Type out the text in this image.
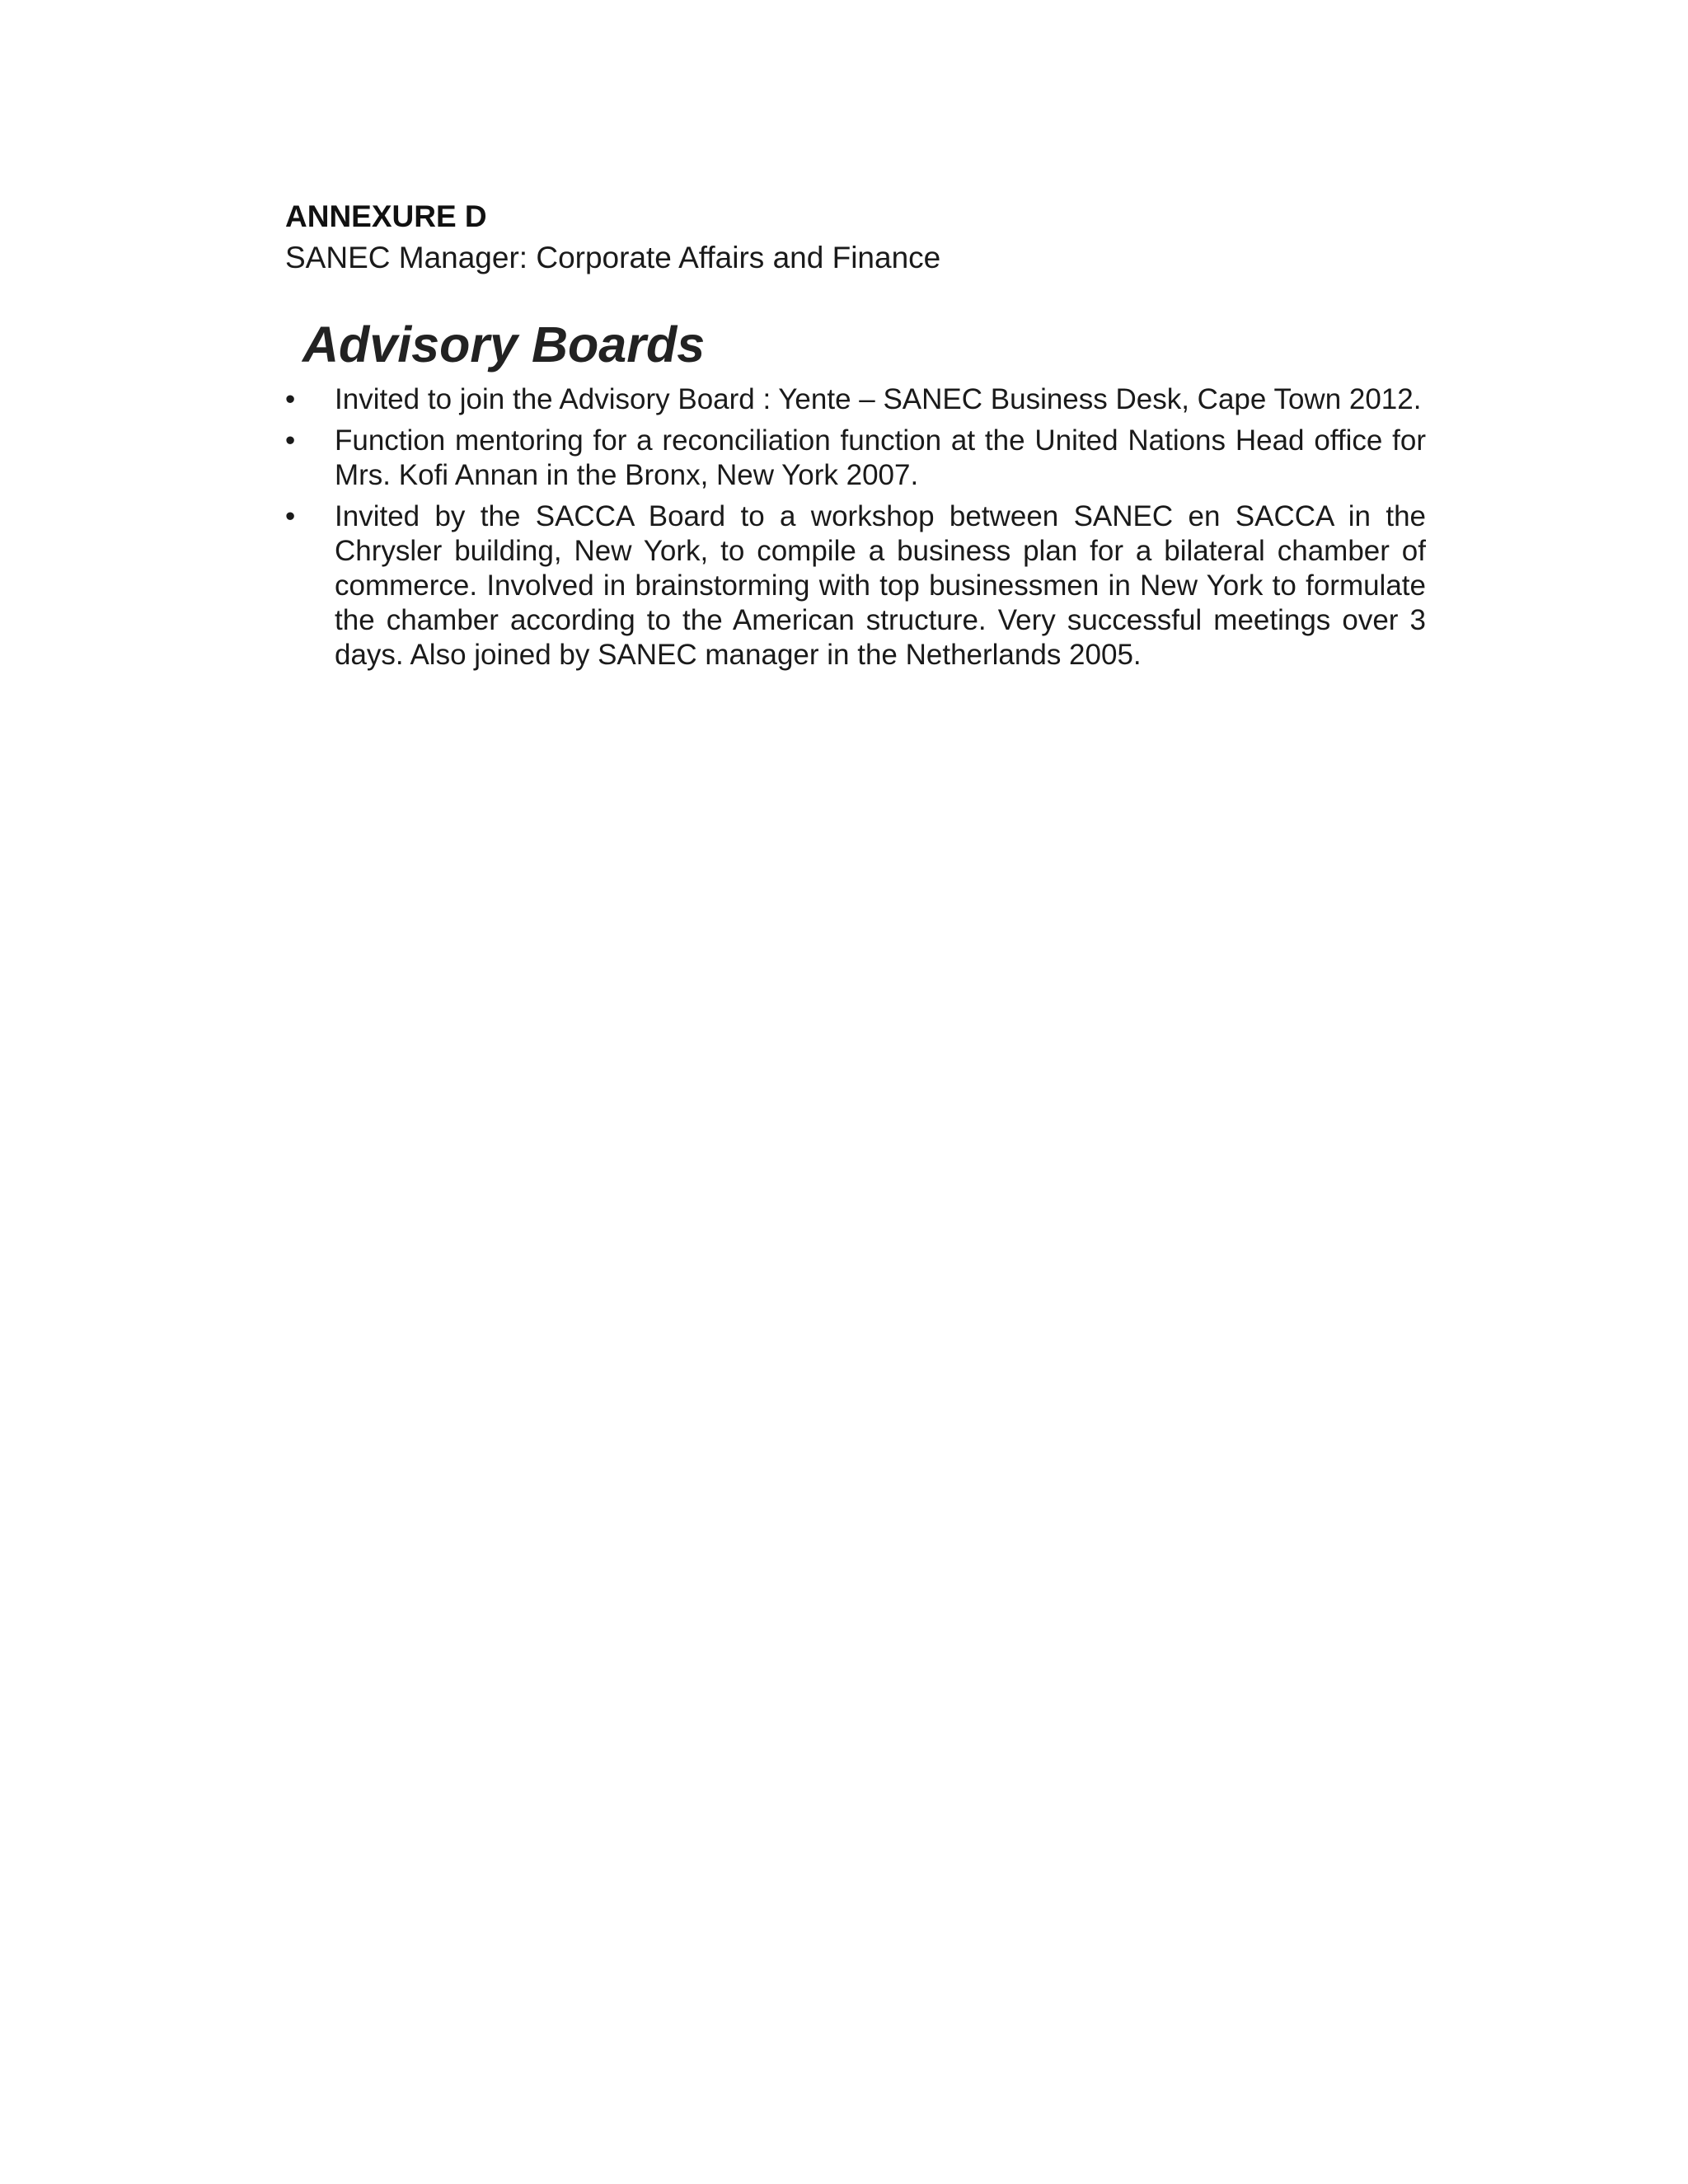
ANNEXURE D

SANEC Manager: Corporate Affairs and Finance

Advisory Boards
•	Invited to join the Advisory Board : Yente – SANEC Business Desk, Cape Town 2012.
•	Function mentoring for a reconciliation function at the United Nations Head office for Mrs. Kofi Annan in the Bronx, New York 2007.
•	Invited by the SACCA Board to a workshop between SANEC en SACCA in the Chrysler building, New York, to compile a business plan for a bilateral chamber of commerce. Involved in brainstorming with top businessmen in New York to formulate the chamber according to the American structure. Very successful meetings over 3 days. Also joined by SANEC manager in the Netherlands 2005.
